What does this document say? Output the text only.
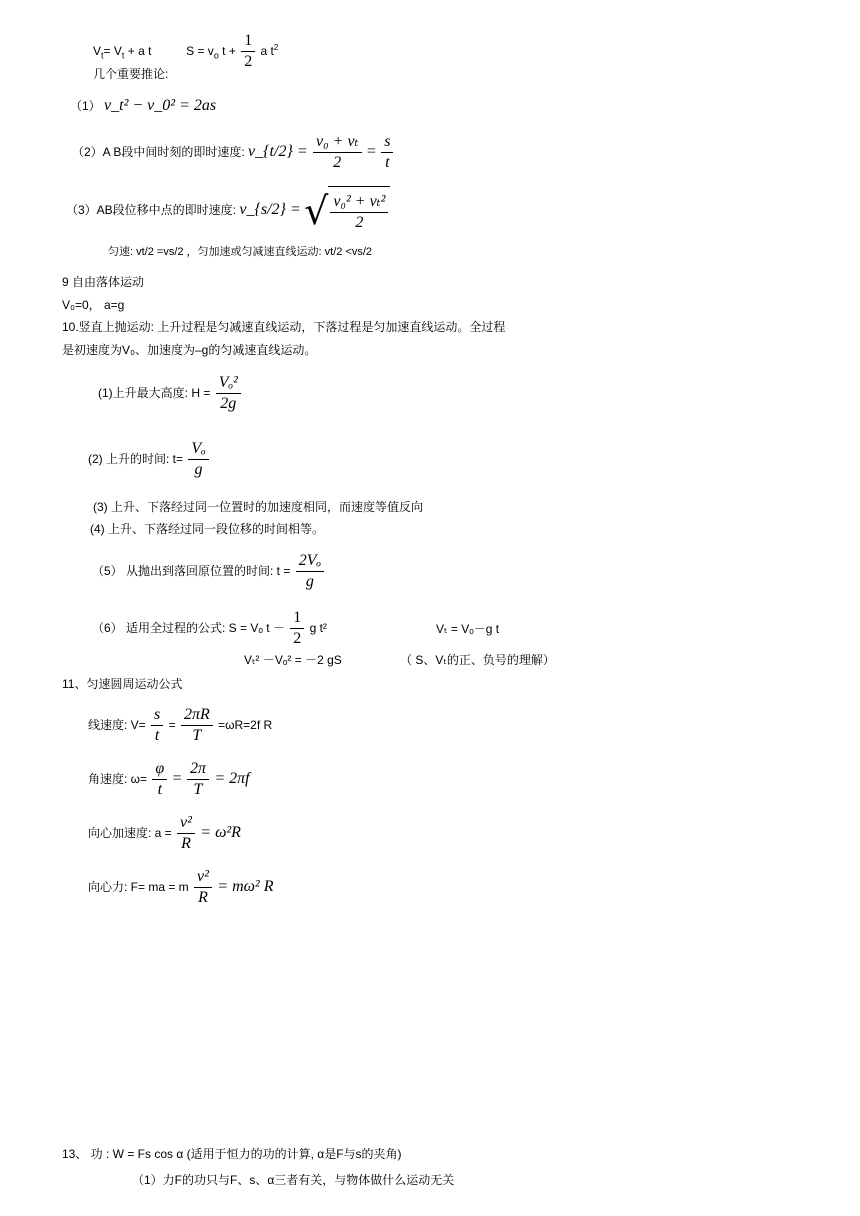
$V_t= V_t + a$ t	$S = v_o$ $t + \frac{1}{2}$ a $t^2$
几个重要推论:
（1） v_t² − v_0² = 2as
（2）A B段中间时刻的即时速度: v_{t/2} = $\frac{\text{v₀ + vₜ}}{2} = \frac{s}{t}$
（3）AB段位移中点的即时速度: v_{s/2} = √ $\frac{\text{v₀² + vₜ²}}{2}$
匀速: vt/2 =vs/2 ，匀加速或匀减速直线运动: vt/2 <vs/2
9 自由落体运动
V₀=0， a=g
10.竖直上抛运动: 上升过程是匀减速直线运动，下落过程是匀加速直线运动。全过程
是初速度为V₀、加速度为–g的匀减速直线运动。
(1)上升最大高度: $H = \frac{\text{Vₒ²}}{2g}$
(2) 上升的时间: $t= \frac{\text{Vₒ}}{g}$
(3) 上升、下落经过同一位置时的加速度相同，而速度等值反向
(4) 上升、下落经过同一段位移的时间相等。
（5） 从抛出到落回原位置的时间: $t = \frac{\text{2Vₒ}}{g}$
（6） 适用全过程的公式: S = Vₒ $t - \frac{1}{2}$ g t²	Vₜ = Vₒ－g t
Vₜ² －Vₒ² = －2 gS	（ S、Vₜ的正、负号的理解）
11、匀速圆周运动公式
线速度: $V= \frac{s}{t} = \frac{2\pi R}{T} =\omega R=2f$ R
角速度: $\omega= \frac{\varphi}{t} = \frac{2\pi}{T} = 2\pi f$
向心加速度: $a = \frac{\text{v²}}{R} = \omega^2R$
向心力: F= ma = m $\frac{\text{v²}}{R} = m\omega^2$ R
13、 功 : W = Fs cos α (适用于恒力的功的计算, α是F与s的夹角)
（1）力F的功只与F、s、α三者有关，与物体做什么运动无关
